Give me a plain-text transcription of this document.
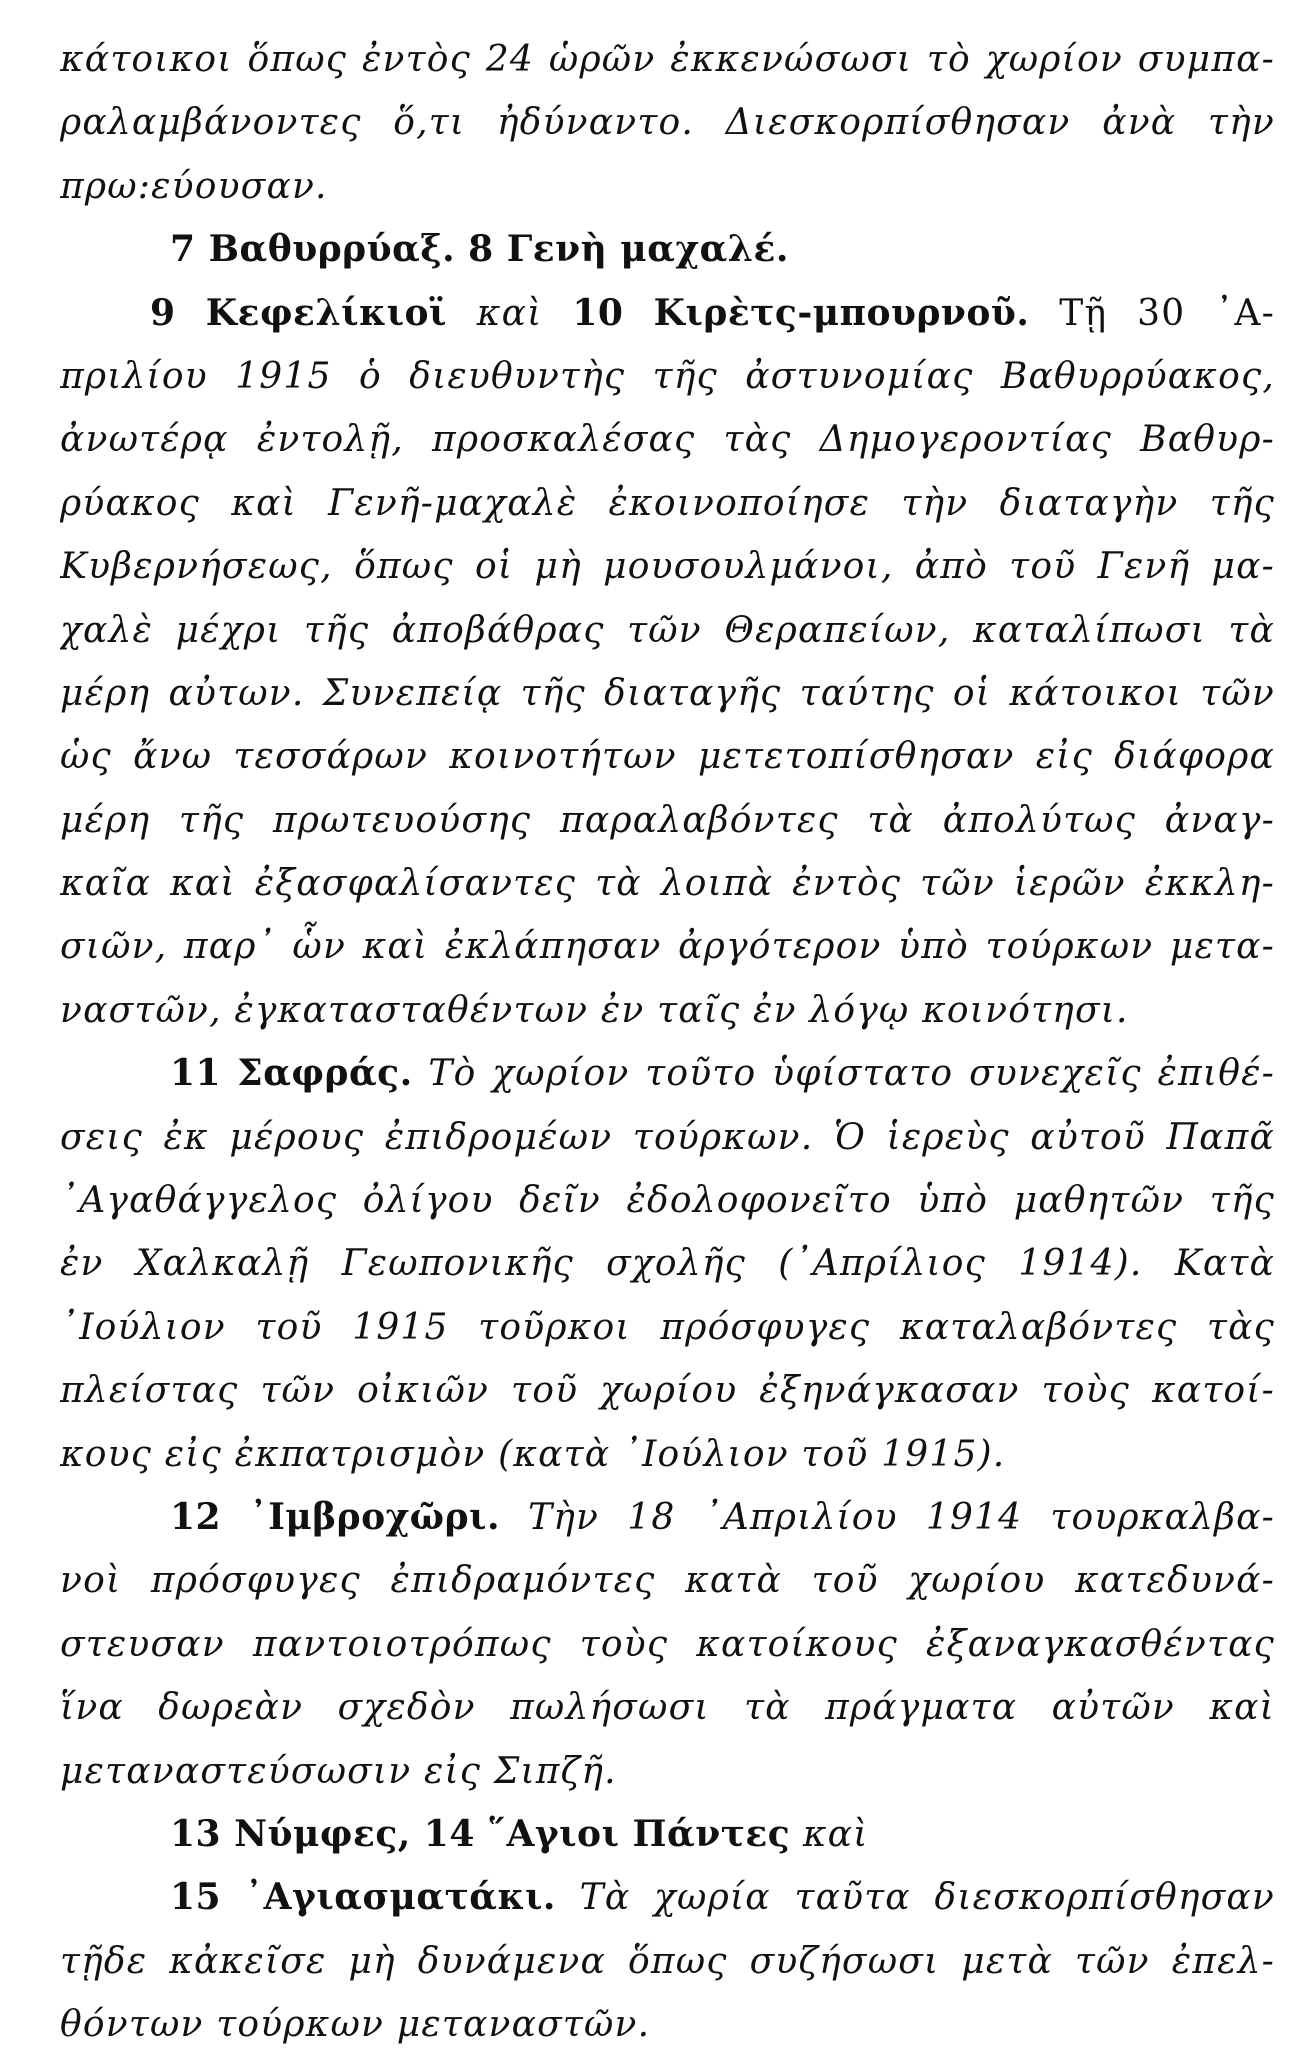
κάτοικοι ὅπως ἐντὸς 24 ὡρῶν ἐκκενώσωσι τὸ χωρίον συμπα-
ραλαμβάνοντες ὅ,τι ἠδύναντο. Διεσκορπίσθησαν ἀνὰ τὴν
πρω:εύουσαν.
7 Βαθυρρύαξ. 8 Γενὴ μαχαλέ.
9 Κεφελίκιοϊ καὶ 10 Κιρὲτς-μπουρνοῦ. Τῇ 30 ᾿Α-
πριλίου 1915 ὁ διευθυντὴς τῆς ἀστυνομίας Βαθυρρύακος,
ἀνωτέρᾳ ἐντολῇ, προσκαλέσας τὰς Δημογεροντίας Βαθυρ-
ρύακος καὶ Γενῆ-μαχαλὲ ἐκοινοποίησε τὴν διαταγὴν τῆς
Κυβερνήσεως, ὅπως οἱ μὴ μουσουλμάνοι, ἀπὸ τοῦ Γενῆ μα-
χαλὲ μέχρι τῆς ἀποβάθρας τῶν Θεραπείων, καταλίπωσι τὰ
μέρη αὐτων. Συνεπείᾳ τῆς διαταγῆς ταύτης οἱ κάτοικοι τῶν
ὡς ἄνω τεσσάρων κοινοτήτων μετετοπίσθησαν εἰς διάφορα
μέρη τῆς πρωτευούσης παραλαβόντες τὰ ἀπολύτως ἀναγ-
καῖα καὶ ἐξασφαλίσαντες τὰ λοιπὰ ἐντὸς τῶν ἱερῶν ἐκκλη-
σιῶν, παρ᾿ ὧν καὶ ἐκλάπησαν ἀργότερον ὑπὸ τούρκων μετα-
ναστῶν, ἐγκατασταθέντων ἐν ταῖς ἐν λόγῳ κοινότησι.
11 Σαφράς. Τὸ χωρίον τοῦτο ὑφίστατο συνεχεῖς ἐπιθέ-
σεις ἐκ μέρους ἐπιδρομέων τούρκων. Ὁ ἱερεὺς αὐτοῦ Παπᾶ
᾿Αγαθάγγελος ὀλίγου δεῖν ἐδολοφονεῖτο ὑπὸ μαθητῶν τῆς
ἐν Χαλκαλῇ Γεωπονικῆς σχολῆς (᾿Απρίλιος 1914). Κατὰ
᾿Ιούλιον τοῦ 1915 τοῦρκοι πρόσφυγες καταλαβόντες τὰς
πλείστας τῶν οἰκιῶν τοῦ χωρίου ἐξηνάγκασαν τοὺς κατοί-
κους εἰς ἐκπατρισμὸν (κατὰ ᾿Ιούλιον τοῦ 1915).
12 ᾿Ιμβροχῶρι. Τὴν 18 ᾿Απριλίου 1914 τουρκαλβα-
νοὶ πρόσφυγες ἐπιδραμόντες κατὰ τοῦ χωρίου κατεδυνά-
στευσαν παντοιοτρόπως τοὺς κατοίκους ἐξαναγκασθέντας
ἵνα δωρεὰν σχεδὸν πωλήσωσι τὰ πράγματα αὐτῶν καὶ
μεταναστεύσωσιν εἰς Σιπζῆ.
13 Νύμφες, 14 ῞Αγιοι Πάντες καὶ
15 ᾿Αγιασματάκι. Τὰ χωρία ταῦτα διεσκορπίσθησαν
τῇδε κἀκεῖσε μὴ δυνάμενα ὅπως συζήσωσι μετὰ τῶν ἐπελ-
θόντων τούρκων μεταναστῶν.
